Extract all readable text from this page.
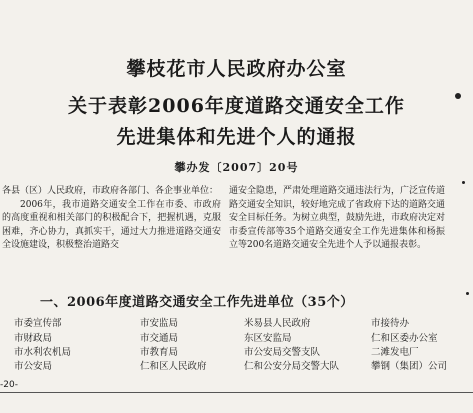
攀枝花市人民政府办公室
关于表彰2006年度道路交通安全工作
先进集体和先进个人的通报
攀办发〔2007〕20号

各县（区）人民政府，市政府各部门、各企事业单位：

2006年，我市道路交通安全工作在市委、市政府的高度重视和相关部门的积极配合下，把握机遇，克服困难，齐心协力，真抓实干，通过大力推进道路交通安全设施建设，积极整治道路交

通安全隐患，严肃处理道路交通违法行为，广泛宣传道路交通安全知识，较好地完成了省政府下达的道路交通安全目标任务。为树立典型，鼓励先进，市政府决定对市委宣传部等35个道路交通安全工作先进集体和杨振立等200名道路交通安全先进个人予以通报表彰。

一、2006年度道路交通安全工作先进单位（35个）
市委宣传部	市安监局	米易县人民政府	市接待办
市财政局	市交通局	东区安监局	仁和区委办公室
市水利农机局	市教育局	市公安局交警支队	二滩发电厂
市公安局	仁和区人民政府	仁和公安分局交警大队	攀钢（集团）公司
-20-
